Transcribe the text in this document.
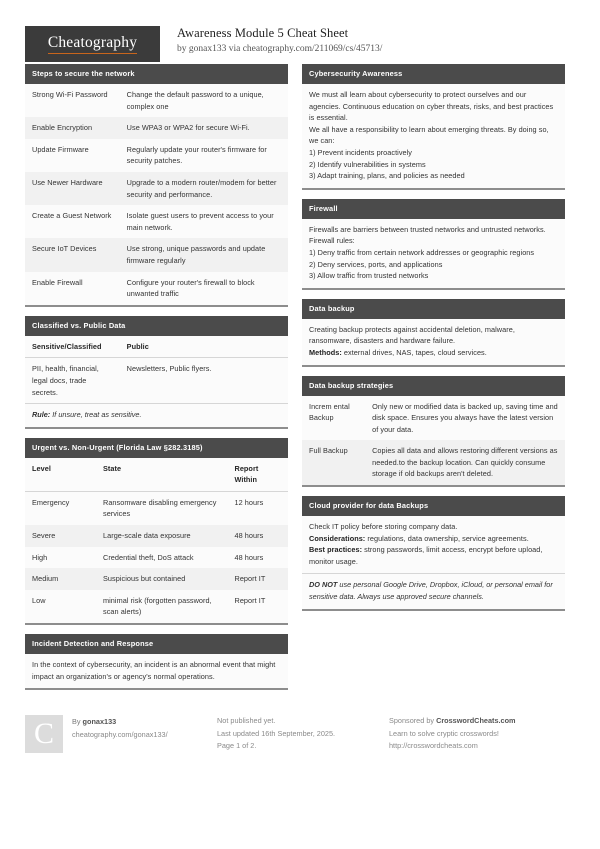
Cheatography
Awareness Module 5 Cheat Sheet
by gonax133 via cheatography.com/211069/cs/45713/
Steps to secure the network
Strong Wi-Fi Password	Change the default password to a unique, complex one
Enable Encryption	Use WPA3 or WPA2 for secure Wi-Fi.
Update Firmware	Regularly update your router's firmware for security patches.
Use Newer Hardware	Upgrade to a modern router/modem for better security and performance.
Create a Guest Network	Isolate guest users to prevent access to your main network.
Secure IoT Devices	Use strong, unique passwords and update firmware regularly
Enable Firewall	Configure your router's firewall to block unwanted traffic
Classified vs. Public Data
Sensitive/Classified	Public
PII, health, financial, legal docs, trade secrets.	Newsletters, Public flyers.

Rule: If unsure, treat as sensitive.

Urgent vs. Non-Urgent (Florida Law §282.3185)
Level	State	Report Within
Emergency	Ransomware disabling emergency services	12 hours
Severe	Large-scale data exposure	48 hours
High	Credential theft, DoS attack	48 hours
Medium	Suspicious but contained	Report IT
Low	minimal risk (forgotten password, scan alerts)	Report IT
Incident Detection and Response

In the context of cybersecurity, an incident is an abnormal event that might impact an organization's or agency's normal operations.

Cybersecurity Awareness

We must all learn about cybersecurity to protect ourselves and our agencies. Continuous education on cyber threats, risks, and best practices is essential.

We all have a responsibility to learn about emerging threats. By doing so, we can:

1) Prevent incidents proactively

2) Identify vulnerabilities in systems

3) Adapt training, plans, and policies as needed

Firewall

Firewalls are barriers between trusted networks and untrusted networks.

Firewall rules:

1) Deny traffic from certain network addresses or geographic regions

2) Deny services, ports, and applications

3) Allow traffic from trusted networks

Data backup

Creating backup protects against accidental deletion, malware, ransomware, disasters and hardware failure.

Methods: external drives, NAS, tapes, cloud services.

Data backup strategies
Increm ental Backup	Only new or modified data is backed up, saving time and disk space. Ensures you always have the latest version of your data.
Full Backup	Copies all data and allows restoring different versions as needed.to the backup location. Can quickly consume storage if old backups aren't deleted.
Cloud provider for data Backups

Check IT policy before storing company data.

Considerations: regulations, data ownership, service agreements.

Best practices: strong passwords, limit access, encrypt before upload, monitor usage.

DO NOT use personal Google Drive, Dropbox, iCloud, or personal email for sensitive data. Always use approved secure channels.

C	By gonax133
cheatography.com/gonax133/
Not published yet.
Last updated 16th September, 2025.
Page 1 of 2.
Sponsored by CrosswordCheats.com
Learn to solve cryptic crosswords!
http://crosswordcheats.com
